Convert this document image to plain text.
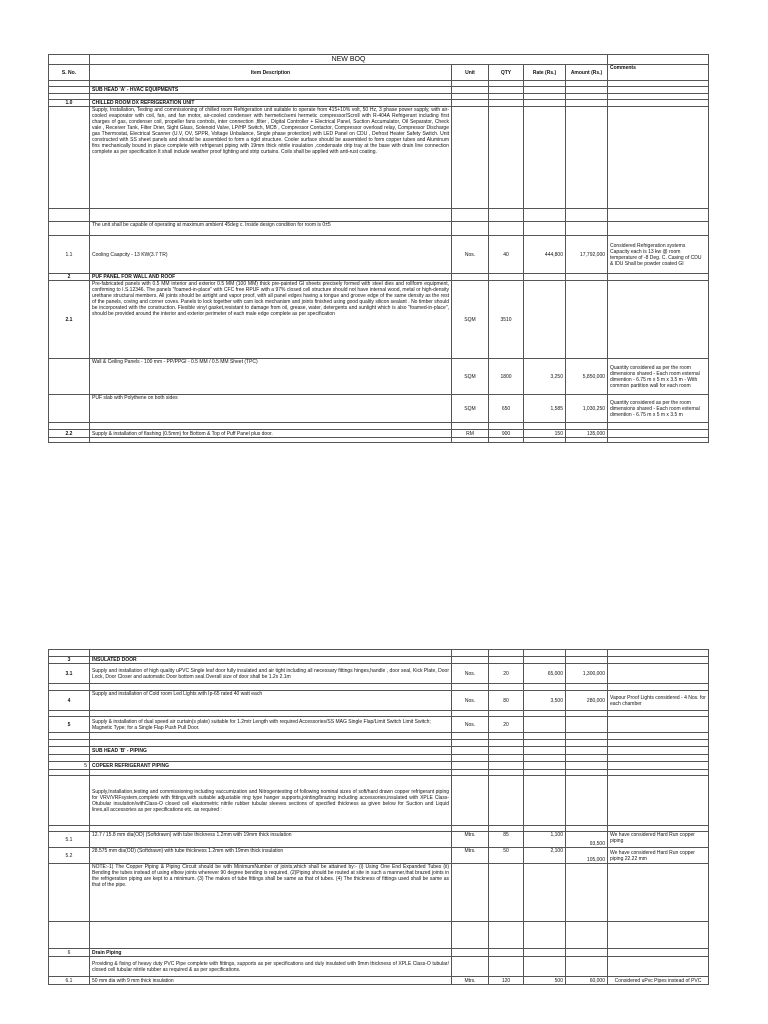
	NEW BOQ					
S. No.	Item Description	Unit	QTY	Rate (Rs.)	Amount (Rs.)	Comments

	SUB HEAD 'A' - HVAC EQUIPMENTS					

1.0	CHILLED ROOM DX REFRIGERATION UNIT					
	Supply, Installation, Testing and commissioning of chilled room Refrigeration unit suitable to operate from 415+10% volt, 50 Hz, 3 phase power supply, with air-cooled evaporator with coil, fan, and fan motor, air-cooled condenser with hermetic/semi hermetic compressor/Scroll with R-404A Refrigerant including first charges of gas, condenser coil, propeller fans controls, inter connection ,filter , Digital Controller + Electrical Panel, Suction Accumulator, Oil Separator, Check vale , Receiver Tank, Filter Drier, Sight Glass, Solenoid Valve, LP/HP Switch, MCB , Compressor Contactor, Compressor overload relay, Compressor Discharge gas Thermostat, Electrical Scanner (U.V, OV, SPPR, Voltage Unbalance, Single phase protection) with LED Panel on CDU , Defrost Heater Safety Switch. Unit constructed with SS sheet panels and should be assembled to form a rigid structure. Cooler surface should be assembled to form copper tubes and Aluminum fins mechanically bound in place complete with refrigerant piping with 19mm thick nitrile insulation ,condensate drip tray at the base with drain line connection complete as per specification It shall include weather proof lighting and strip curtains. Coils shall be applied with anti-rust coating.					

	The unit shall be capable of operating at maximum ambient 45deg c. Inside design condition for room is 0±5					
1.1	Cooling Caapcity - 13 KW(3.7 TR)	Nos.	40	444,800	17,792,000	Considered Refrigeration systems Capacity each is 13 kw @ room temperature of -8 Deg. C. Casing of CDU & IDU Shall be powder coated GI
2	PUF PANEL FOR WALL AND ROOF					
2.1	Pre-fabricated panels with 0.5 MM interior and exterior 0.5 MM (100 MM) thick pre-painted GI sheets precisely formed with steel dies and rollform equipment, confirming to I.S.12346. The panels "foamed-in-place" with CFC free RPUF with a 97% closed cell structure should not have internal wood, metal or high-density urethane structural members. All joints should be airtight and vapor proof, with all panel edges having a tongue and groove edge of the same density as the rest of the panels, coving and corner coves. Panels to lock together with cam lock mechanism and joints finished using good quality silicon sealant . No timber should be incorporated with the construction. Flexible vinyl gasket,resistant to damage from oil, grease, water, detergents and sunlight which is also "foamed-in-place", should be provided around the interior and exterior perimeter of each male edge complete as per specification	SQM	3510			
	Wall & Ceiling Panels - 100 mm - PP/PPGI - 0.5 MM / 0.5 MM Sheet (TPC)	SQM	1800	3,250	5,850,000	Quantity considered as per the room dimensions shared - Each room external dimention - 6.75 m x 5 m x 3.5 m - With common partition wall for each room
	PUF slab with Polythene on both sides	SQM	650	1,585	1,030,250	Quantity considered as per the room dimensions shared - Each room external dimention - 6.75 m x 5 m x 3.5 m

2.2	Supply & installation of flashing (0.5mm) for Bottom & Top of Puff Panel plus door.	RM	900	150	135,000	

3	INSULATED DOOR					
3.1	Supply and installation of high quality uPVC Single leaf door fully insulated and air tight including all necessary fittings hinges,handle , door seal, Kick Plate, Door Lock, Door Closer and automatic Door bottom seal.Overall size of door shall be 1.2x 2.1m	Nos.	20	65,000	1,300,000	

4	Supply and installation of Cold room Led Lights with Ip-65 rated 40 watt each	Nos.	80	3,500	280,000	Vapour Proof Lights considered - 4 Nos. for each chamber

5	Supply & installation of dual speed air curtain(s plate) suitable for 1.2mtr Length with required Accessories/SS MAG Single Flap/Limit Switch Limit Switch; Magnetic Type; for a Single Flap Push Pull Door.	Nos.	20			

	SUB HEAD 'B' - PIPING					

5	COPEER REFRIGERANT PIPING					

	Supply,Installation,testing and commissioning including vaccumization and Nitrogentesting of following nominal sizes of soft/hard drawn copper refrigerant piping for VRV/VRFsystem,complete with fittings,with suitable adjustable ring type hanger supports,jointing/brazing including accessories,insulated with XPLE Class-Otubular insulation/withClass-O closed cell elastometric nitrile rubber tubular sleeves sections of specified thickness as given below for Suction and Liquid lines,all accessories as per specifications etc. as required :					

5.1	12.7 / 15.8 mm dia(OD) (Softdrawn) with tube thickness 1.2mm with 19mm thick insulation	Mtrs.	85	1,100	93,500	We have considered Hard Run copper piping
5.2	28.575 mm dia(OD) (Softdrawn) with tube thickness 1.2mm with 19mm thick insulation	Mtrs.	50	2,100	105,000	We have considered Hard Run copper piping 22.22 mm
	NOTE:-1) The Copper Piping & Piping Circuit should be with MinimumNumber of joints,which shall be attained by:- (i) Using One End Expanded Tubes (ii) Bending the tubes instead of using elbow joints wherever 90 degree bending is required. (2)Piping should be routed at site in such a manner,that brazed joints in the refrigeration piping are kept to a minimum. (3) The makes of tube fittings shall be same as that of tubes. (4) The thickness of fittings used shall be same as that of the pipe.					

6	Drain Piping					
	Providing & fixing of heavy duty PVC Pipe complete with fittings, supports as per specifications and duly insulated with 9mm thickness of XPLE Class-O tubular/ closed cell tubular nitrile rubber as required & as per specifications.					
6.1	50 mm dia with 9 mm thick insulation	Mtrs.	120	500	60,000	Considered uPvc Pipes instead of PVC
